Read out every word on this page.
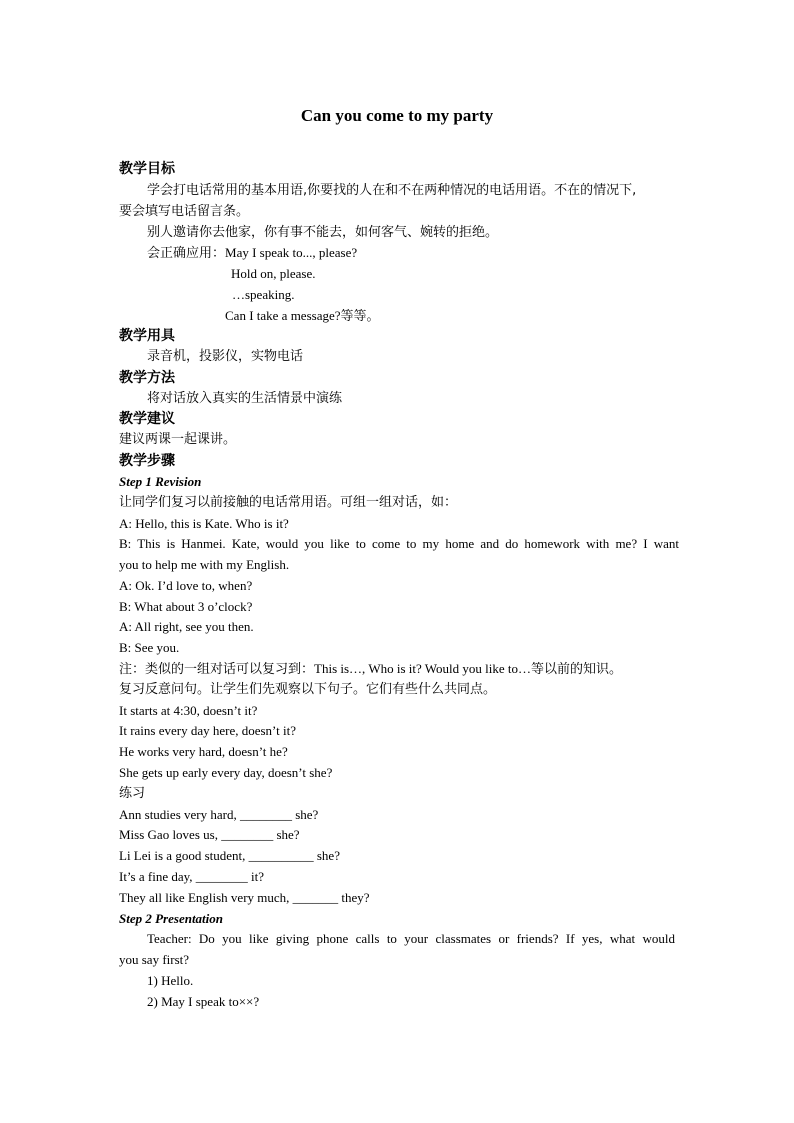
Can you come to my party
教学目标
学会打电话常用的基本用语,你要找的人在和不在两种情况的电话用语。不在的情况下,
要会填写电话留言条。
别人邀请你去他家，你有事不能去，如何客气、婉转的拒绝。
会正确应用：May I speak to..., please?
Hold on, please.
…speaking.
Can I take a message?等等。
教学用具
录音机，投影仪，实物电话
教学方法
将对话放入真实的生活情景中演练
教学建议
建议两课一起课讲。
教学步骤
Step 1 Revision
让同学们复习以前接触的电话常用语。可组一组对话，如：
A: Hello, this is Kate. Who is it?
B: This is Hanmei. Kate, would you like to come to my home and do homework with me? I want
you to help me with my English.
A: Ok. I’d love to, when?
B: What about 3 o’clock?
A: All right, see you then.
B: See you.
注：类似的一组对话可以复习到：This is…, Who is it? Would you like to…等以前的知识。
复习反意问句。让学生们先观察以下句子。它们有些什么共同点。
It starts at 4:30, doesn’t it?
It rains every day here, doesn’t it?
He works very hard, doesn’t he?
She gets up early every day, doesn’t she?
练习
Ann studies very hard, ________ she?
Miss Gao loves us, ________ she?
Li Lei is a good student, __________ she?
It’s a fine day, ________ it?
They all like English very much, _______ they?
Step 2 Presentation
Teacher: Do you like giving phone calls to your classmates or friends? If yes, what would
you say first?
1) Hello.
2) May I speak to××?
